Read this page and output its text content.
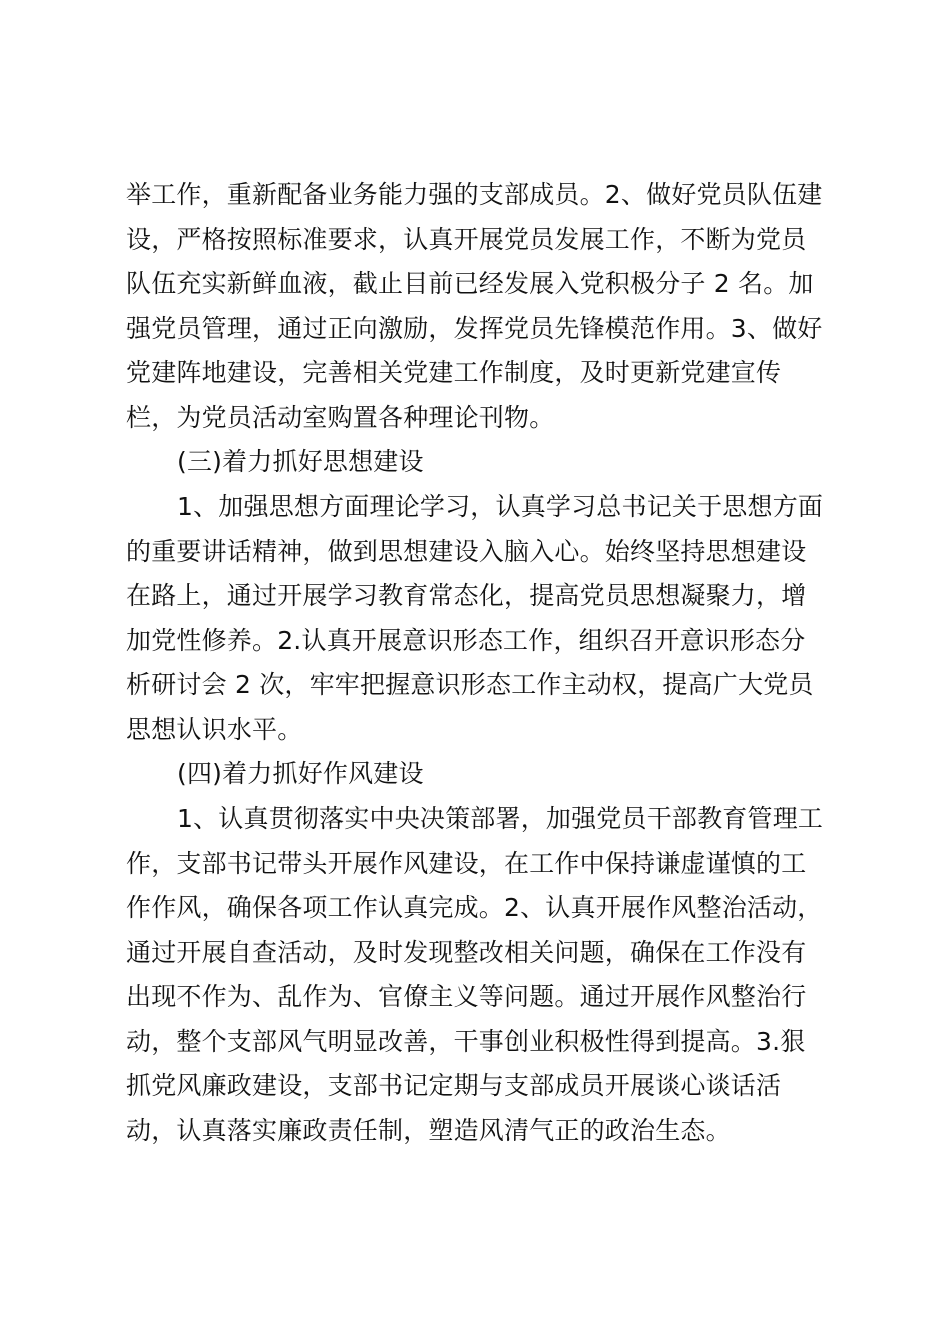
举工作，重新配备业务能力强的支部成员。2、做好党员队伍建
设，严格按照标准要求，认真开展党员发展工作，不断为党员
队伍充实新鲜血液，截止目前已经发展入党积极分子 2 名。加
强党员管理，通过正向激励，发挥党员先锋模范作用。3、做好
党建阵地建设，完善相关党建工作制度，及时更新党建宣传
栏，为党员活动室购置各种理论刊物。
(三)着力抓好思想建设
1、加强思想方面理论学习，认真学习总书记关于思想方面
的重要讲话精神，做到思想建设入脑入心。始终坚持思想建设
在路上，通过开展学习教育常态化，提高党员思想凝聚力，增
加党性修养。2.认真开展意识形态工作，组织召开意识形态分
析研讨会 2 次，牢牢把握意识形态工作主动权，提高广大党员
思想认识水平。
(四)着力抓好作风建设
1、认真贯彻落实中央决策部署，加强党员干部教育管理工
作，支部书记带头开展作风建设，在工作中保持谦虚谨慎的工
作作风，确保各项工作认真完成。2、认真开展作风整治活动，
通过开展自查活动，及时发现整改相关问题，确保在工作没有
出现不作为、乱作为、官僚主义等问题。通过开展作风整治行
动，整个支部风气明显改善，干事创业积极性得到提高。3.狠
抓党风廉政建设，支部书记定期与支部成员开展谈心谈话活
动，认真落实廉政责任制，塑造风清气正的政治生态。
